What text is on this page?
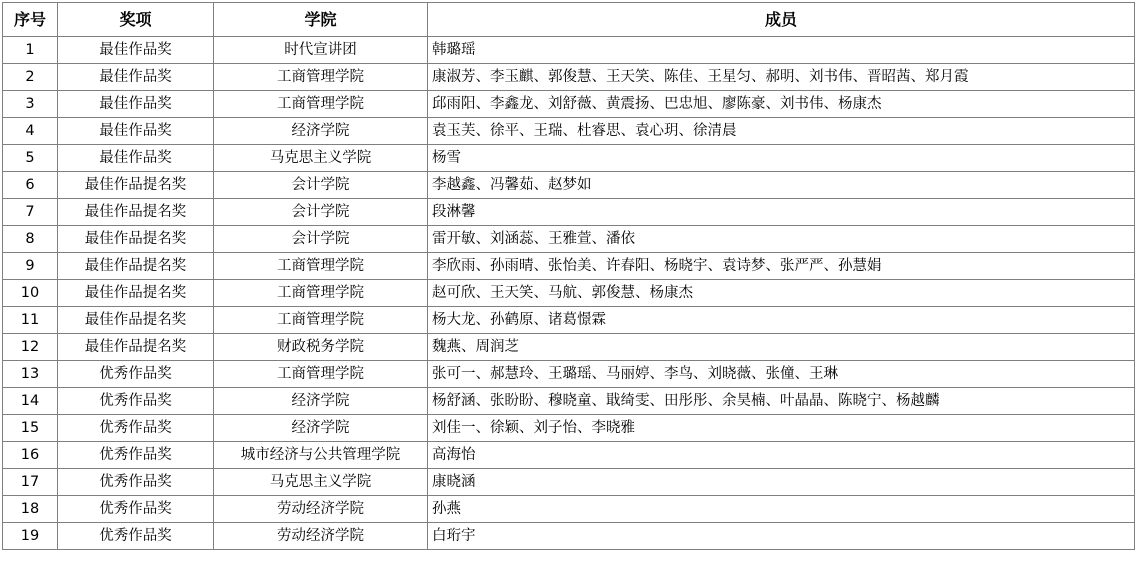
序号	奖项	学院	成员
1	最佳作品奖	时代宣讲团	韩璐瑶
2	最佳作品奖	工商管理学院	康淑芳、李玉麒、郭俊慧、王天笑、陈佳、王星匀、郝明、刘书伟、晋昭茜、郑月霞
3	最佳作品奖	工商管理学院	邱雨阳、李鑫龙、刘舒薇、黄震扬、巴忠旭、廖陈豪、刘书伟、杨康杰
4	最佳作品奖	经济学院	袁玉芙、徐平、王瑞、杜睿思、袁心玥、徐清晨
5	最佳作品奖	马克思主义学院	杨雪
6	最佳作品提名奖	会计学院	李越鑫、冯馨茹、赵梦如
7	最佳作品提名奖	会计学院	段淋馨
8	最佳作品提名奖	会计学院	雷开敏、刘涵蕊、王雅萱、潘依
9	最佳作品提名奖	工商管理学院	李欣雨、孙雨晴、张怡美、许春阳、杨晓宇、袁诗梦、张严严、孙慧娟
10	最佳作品提名奖	工商管理学院	赵可欣、王天笑、马航、郭俊慧、杨康杰
11	最佳作品提名奖	工商管理学院	杨大龙、孙鹤原、诸葛憬霖
12	最佳作品提名奖	财政税务学院	魏燕、周润芝
13	优秀作品奖	工商管理学院	张可一、郝慧玲、王璐瑶、马丽婷、李鸟、刘晓薇、张僮、王琳
14	优秀作品奖	经济学院	杨舒涵、张盼盼、穆晓童、戢绮雯、田彤彤、余昊楠、叶晶晶、陈晓宁、杨越麟
15	优秀作品奖	经济学院	刘佳一、徐颖、刘子怡、李晓雅
16	优秀作品奖	城市经济与公共管理学院	高海怡
17	优秀作品奖	马克思主义学院	康晓涵
18	优秀作品奖	劳动经济学院	孙燕
19	优秀作品奖	劳动经济学院	白珩宇
